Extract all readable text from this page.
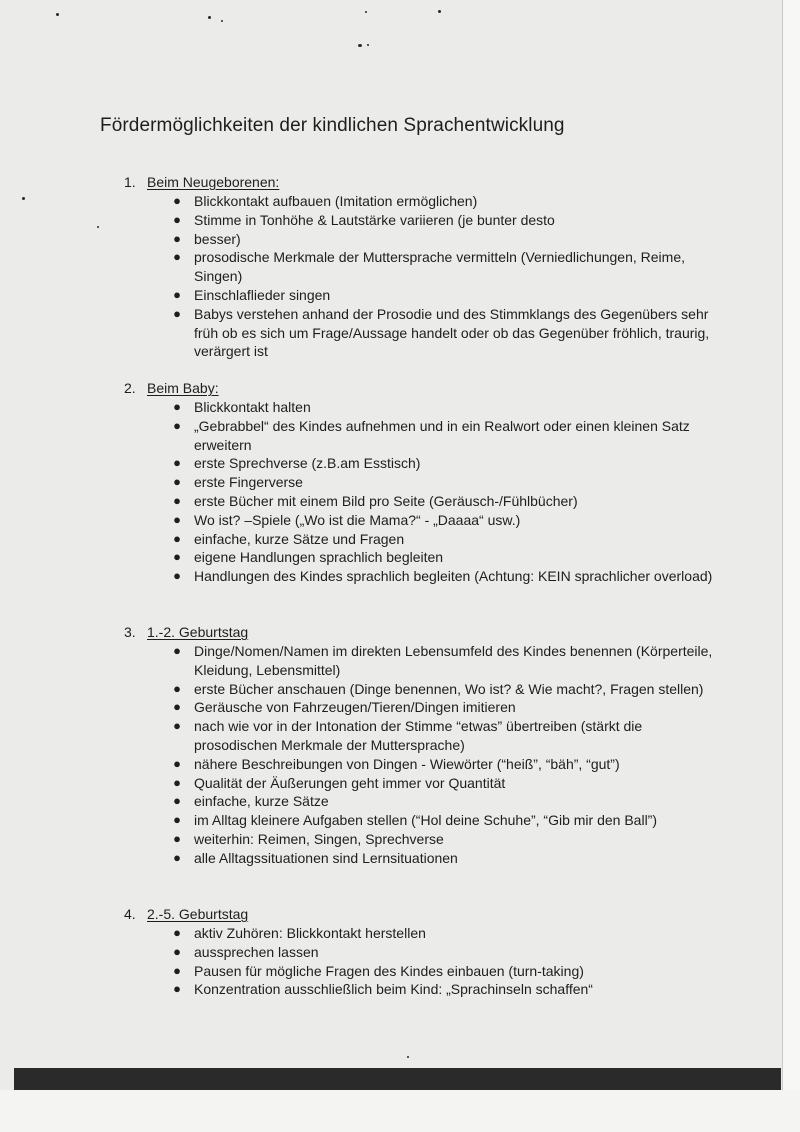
Fördermöglichkeiten der kindlichen Sprachentwicklung
1. Beim Neugeborenen:
● Blickkontakt aufbauen (Imitation ermöglichen)
● Stimme in Tonhöhe & Lautstärke variieren (je bunter desto
● besser)
● prosodische Merkmale der Muttersprache vermitteln (Verniedlichungen, Reime, Singen)
● Einschlaflieder singen
● Babys verstehen anhand der Prosodie und des Stimmklangs des Gegenübers sehr früh ob es sich um Frage/Aussage handelt oder ob das Gegenüber fröhlich, traurig, verärgert ist
2. Beim Baby:
● Blickkontakt halten
● „Gebrabbel“ des Kindes aufnehmen und in ein Realwort oder einen kleinen Satz erweitern
● erste Sprechverse (z.B.am Esstisch)
● erste Fingerverse
● erste Bücher mit einem Bild pro Seite (Geräusch-/Fühlbücher)
● Wo ist? –Spiele („Wo ist die Mama?“ - „Daaaa“ usw.)
● einfache, kurze Sätze und Fragen
● eigene Handlungen sprachlich begleiten
● Handlungen des Kindes sprachlich begleiten (Achtung: KEIN sprachlicher overload)
3. 1.-2. Geburtstag
● Dinge/Nomen/Namen im direkten Lebensumfeld des Kindes benennen (Körperteile, Kleidung, Lebensmittel)
● erste Bücher anschauen (Dinge benennen, Wo ist? & Wie macht?, Fragen stellen)
● Geräusche von Fahrzeugen/Tieren/Dingen imitieren
● nach wie vor in der Intonation der Stimme “etwas” übertreiben (stärkt die prosodischen Merkmale der Muttersprache)
● nähere Beschreibungen von Dingen - Wiewörter (“heiß”, “bäh”, “gut”)
● Qualität der Äußerungen geht immer vor Quantität
● einfache, kurze Sätze
● im Alltag kleinere Aufgaben stellen (“Hol deine Schuhe”, “Gib mir den Ball”)
● weiterhin: Reimen, Singen, Sprechverse
● alle Alltagssituationen sind Lernsituationen
4. 2.-5. Geburtstag
● aktiv Zuhören: Blickkontakt herstellen
● aussprechen lassen
● Pausen für mögliche Fragen des Kindes einbauen (turn-taking)
● Konzentration ausschließlich beim Kind: „Sprachinseln schaffen“
